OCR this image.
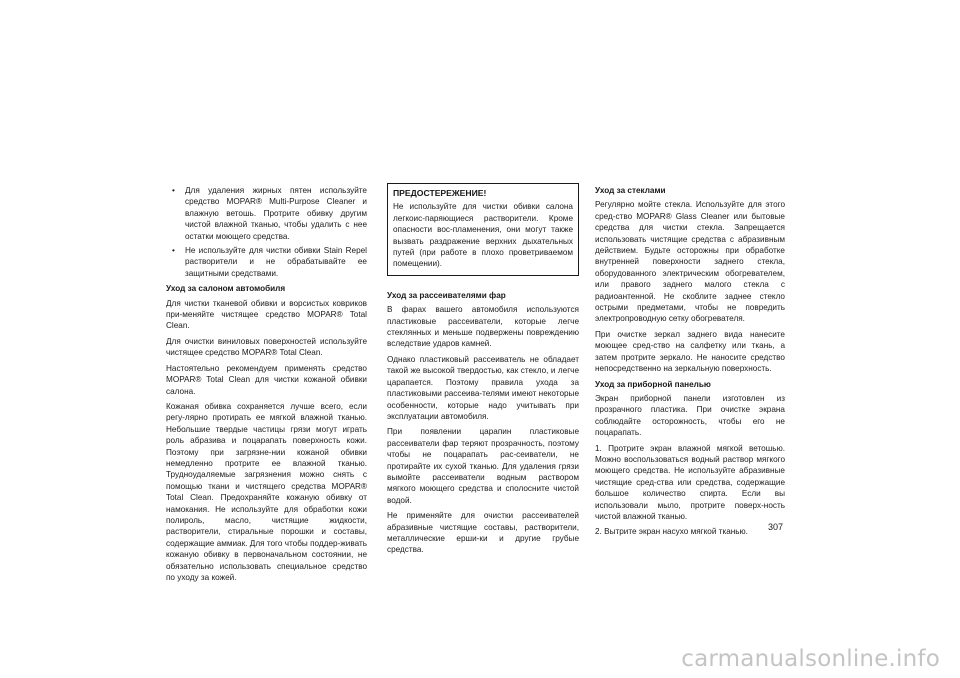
• Для удаления жирных пятен используйте средство MOPAR® Multi-Purpose Cleaner и влажную ветошь. Протрите обивку другим чистой влажной тканью, чтобы удалить с нее остатки моющего средства.
• Не используйте для чистки обивки Stain Repel растворители и не обрабатывайте ее защитными средствами.
Уход за салоном автомобиля

Для чистки тканевой обивки и ворсистых ковриков при-меняйте чистящее средство MOPAR® Total Clean.

Для очистки виниловых поверхностей используйте чистящее средство MOPAR® Total Clean.

Настоятельно рекомендуем применять средство MOPAR® Total Clean для чистки кожаной обивки салона.

Кожаная обивка сохраняется лучше всего, если регу-лярно протирать ее мягкой влажной тканью. Небольшие твердые частицы грязи могут играть роль абразива и поцарапать поверхность кожи. Поэтому при загрязне-нии кожаной обивки немедленно протрите ее влажной тканью. Трудноудаляемые загрязнения можно снять с помощью ткани и чистящего средства MOPAR® Total Clean. Предохраняйте кожаную обивку от намокания. Не используйте для обработки кожи полироль, масло, чистящие жидкости, растворители, стиральные порошки и составы, содержащие аммиак. Для того чтобы поддер-живать кожаную обивку в первоначальном состоянии, не обязательно использовать специальное средство по уходу за кожей.

ПРЕДОСТЕРЕЖЕНИЕ!

Не используйте для чистки обивки салона легкоис-паряющиеся растворители. Кроме опасности вос-пламенения, они могут также вызвать раздражение верхних дыхательных путей (при работе в плохо проветриваемом помещении).

Уход за рассеивателями фар

В фарах вашего автомобиля используются пластиковые рассеиватели, которые легче стеклянных и меньше подвержены повреждению вследствие ударов камней.

Однако пластиковый рассеиватель не обладает такой же высокой твердостью, как стекло, и легче царапается. Поэтому правила ухода за пластиковыми рассеива-телями имеют некоторые особенности, которые надо учитывать при эксплуатации автомобиля.

При появлении царапин пластиковые рассеиватели фар теряют прозрачность, поэтому чтобы не поцарапать рас-сеиватели, не протирайте их сухой тканью. Для удаления грязи вымойте рассеиватели водным раствором мягкого моющего средства и сполосните чистой водой.

Не применяйте для очистки рассеивателей абразивные чистящие составы, растворители, металлические ерши-ки и другие грубые средства.

Уход за стеклами

Регулярно мойте стекла. Используйте для этого сред-ство MOPAR® Glass Cleaner или бытовые средства для чистки стекла. Запрещается использовать чистящие средства с абразивным действием. Будьте осторожны при обработке внутренней поверхности заднего стекла, оборудованного электрическим обогревателем, или правого заднего малого стекла с радиоантенной. Не скоблите заднее стекло острыми предметами, чтобы не повредить электропроводную сетку обогревателя.

При очистке зеркал заднего вида нанесите моющее сред-ство на салфетку или ткань, а затем протрите зеркало. Не наносите средство непосредственно на зеркальную поверхность.

Уход за приборной панелью

Экран приборной панели изготовлен из прозрачного пластика. При очистке экрана соблюдайте осторожность, чтобы его не поцарапать.

1. Протрите экран влажной мягкой ветошью. Можно воспользоваться водный раствор мягкого моющего средства. Не используйте абразивные чистящие сред-ства или средства, содержащие большое количество спирта. Если вы использовали мыло, протрите поверх-ность чистой влажной тканью.

2. Вытрите экран насухо мягкой тканью.	307
carmanualsonline.info
